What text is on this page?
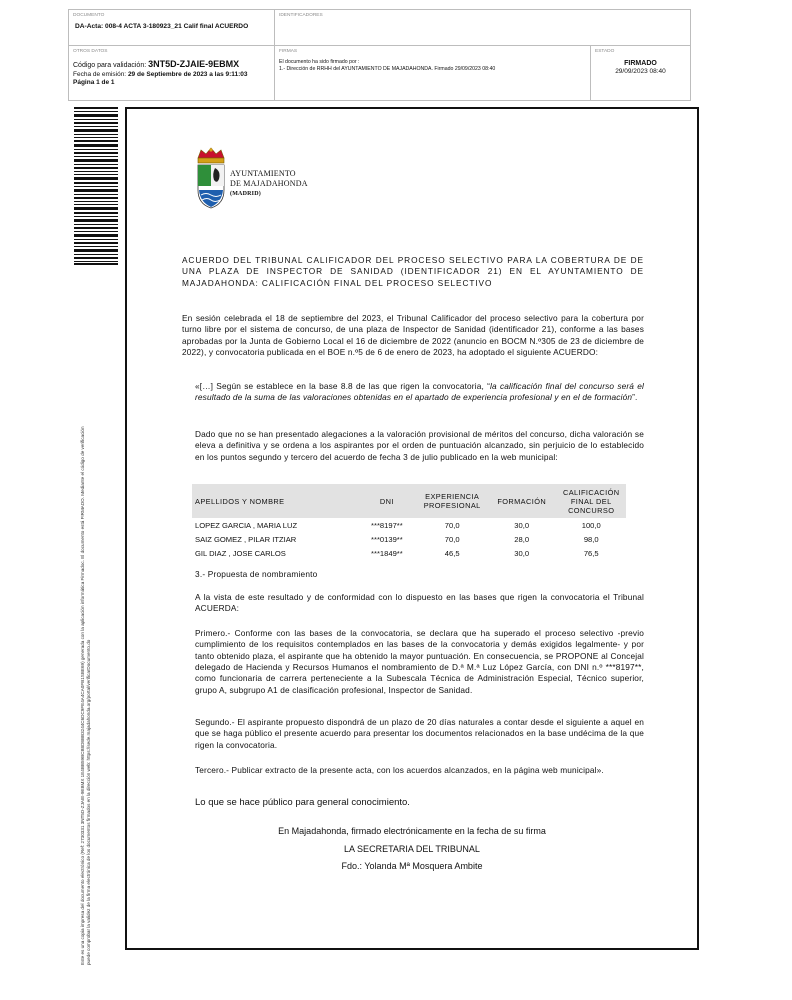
DOCUMENTO
DA-Acta: 008-4 ACTA 3-180923_21 Calif final ACUERDO
IDENTIFICADORES
OTROS DATOS
Código para validación: 3NT5D-ZJAIE-9EBMX
Fecha de emisión: 29 de Septiembre de 2023 a las 9:11:03
Página 1 de 1
FIRMAS
El documento ha sido firmado por :
1.- Dirección de RRHH del AYUNTAMIENTO DE MAJADAHONDA. Firmado 29/09/2023 08:40
ESTADO
FIRMADO
29/09/2023 08:40
Este es una copia impresa del documento electrónico (Ref: 2730331 3NT5D-ZJAIE-9EBMX 1E4BB59BCB8D8BB3244C6DC9FE4A4CA0FB1SBE69) generada con la aplicación informática Firmadoc. El documento está FIRMADO. Mediante el código de verificación puede comprobar la validez de la firma electrónica de los documentos firmados en la dirección web: https://sede.majadahonda.org/portal/verificarDocumento.do
AYUNTAMIENTO
DE MAJADAHONDA
(MADRID)
ACUERDO DEL TRIBUNAL CALIFICADOR DEL PROCESO SELECTIVO PARA LA COBERTURA DE DE UNA PLAZA DE INSPECTOR DE SANIDAD (IDENTIFICADOR 21) EN EL AYUNTAMIENTO DE MAJADAHONDA: CALIFICACIÓN FINAL DEL PROCESO SELECTIVO
En sesión celebrada el 18 de septiembre del 2023, el Tribunal Calificador del proceso selectivo para la cobertura por turno libre por el sistema de concurso, de una plaza de Inspector de Sanidad (identificador 21), conforme a las bases aprobadas por la Junta de Gobierno Local el 16 de diciembre de 2022 (anuncio en BOCM N.º305 de 23 de diciembre de 2022), y convocatoria publicada en el BOE n.º5 de 6 de enero de 2023, ha adoptado el siguiente ACUERDO:
«[…] Según se establece en la base 8.8 de las que rigen la convocatoria, “la calificación final del concurso será el resultado de la suma de las valoraciones obtenidas en el apartado de experiencia profesional y en el de formación”.
Dado que no se han presentado alegaciones a la valoración provisional de méritos del concurso, dicha valoración se eleva a definitiva y se ordena a los aspirantes por el orden de puntuación alcanzado, sin perjuicio de lo establecido en los puntos segundo y tercero del acuerdo de fecha 3 de julio publicado en la web municipal:
APELLIDOS Y NOMBRE	DNI	EXPERIENCIA PROFESIONAL	FORMACIÓN	CALIFICACIÓN FINAL DEL CONCURSO
LOPEZ GARCIA , MARIA LUZ	***8197**	70,0	30,0	100,0
SAIZ GOMEZ , PILAR ITZIAR	***0139**	70,0	28,0	98,0
GIL DIAZ , JOSE CARLOS	***1849**	46,5	30,0	76,5
3.- Propuesta de nombramiento
A la vista de este resultado y de conformidad con lo dispuesto en las bases que rigen la convocatoria el Tribunal ACUERDA:
Primero.- Conforme con las bases de la convocatoria, se declara que ha superado el proceso selectivo -previo cumplimiento de los requisitos contemplados en las bases de la convocatoria y demás exigidos legalmente- y por tanto obtenido plaza, el aspirante que ha obtenido la mayor puntuación. En consecuencia, se PROPONE al Concejal delegado de Hacienda y Recursos Humanos el nombramiento de D.ª M.ª Luz López García, con DNI n.º ***8197**, como funcionaria de carrera perteneciente a la Subescala Técnica de Administración Especial, Técnico superior, grupo A, subgrupo A1 de clasificación profesional, Inspector de Sanidad.
Segundo.- El aspirante propuesto dispondrá de un plazo de 20 días naturales a contar desde el siguiente a aquel en que se haga público el presente acuerdo para presentar los documentos relacionados en la base undécima de la que rigen la convocatoria.
Tercero.- Publicar extracto de la presente acta, con los acuerdos alcanzados, en la página web municipal».
Lo que se hace público para general conocimiento.
En Majadahonda, firmado electrónicamente en la fecha de su firma
LA SECRETARIA DEL TRIBUNAL
Fdo.: Yolanda Mª Mosquera Ambite
